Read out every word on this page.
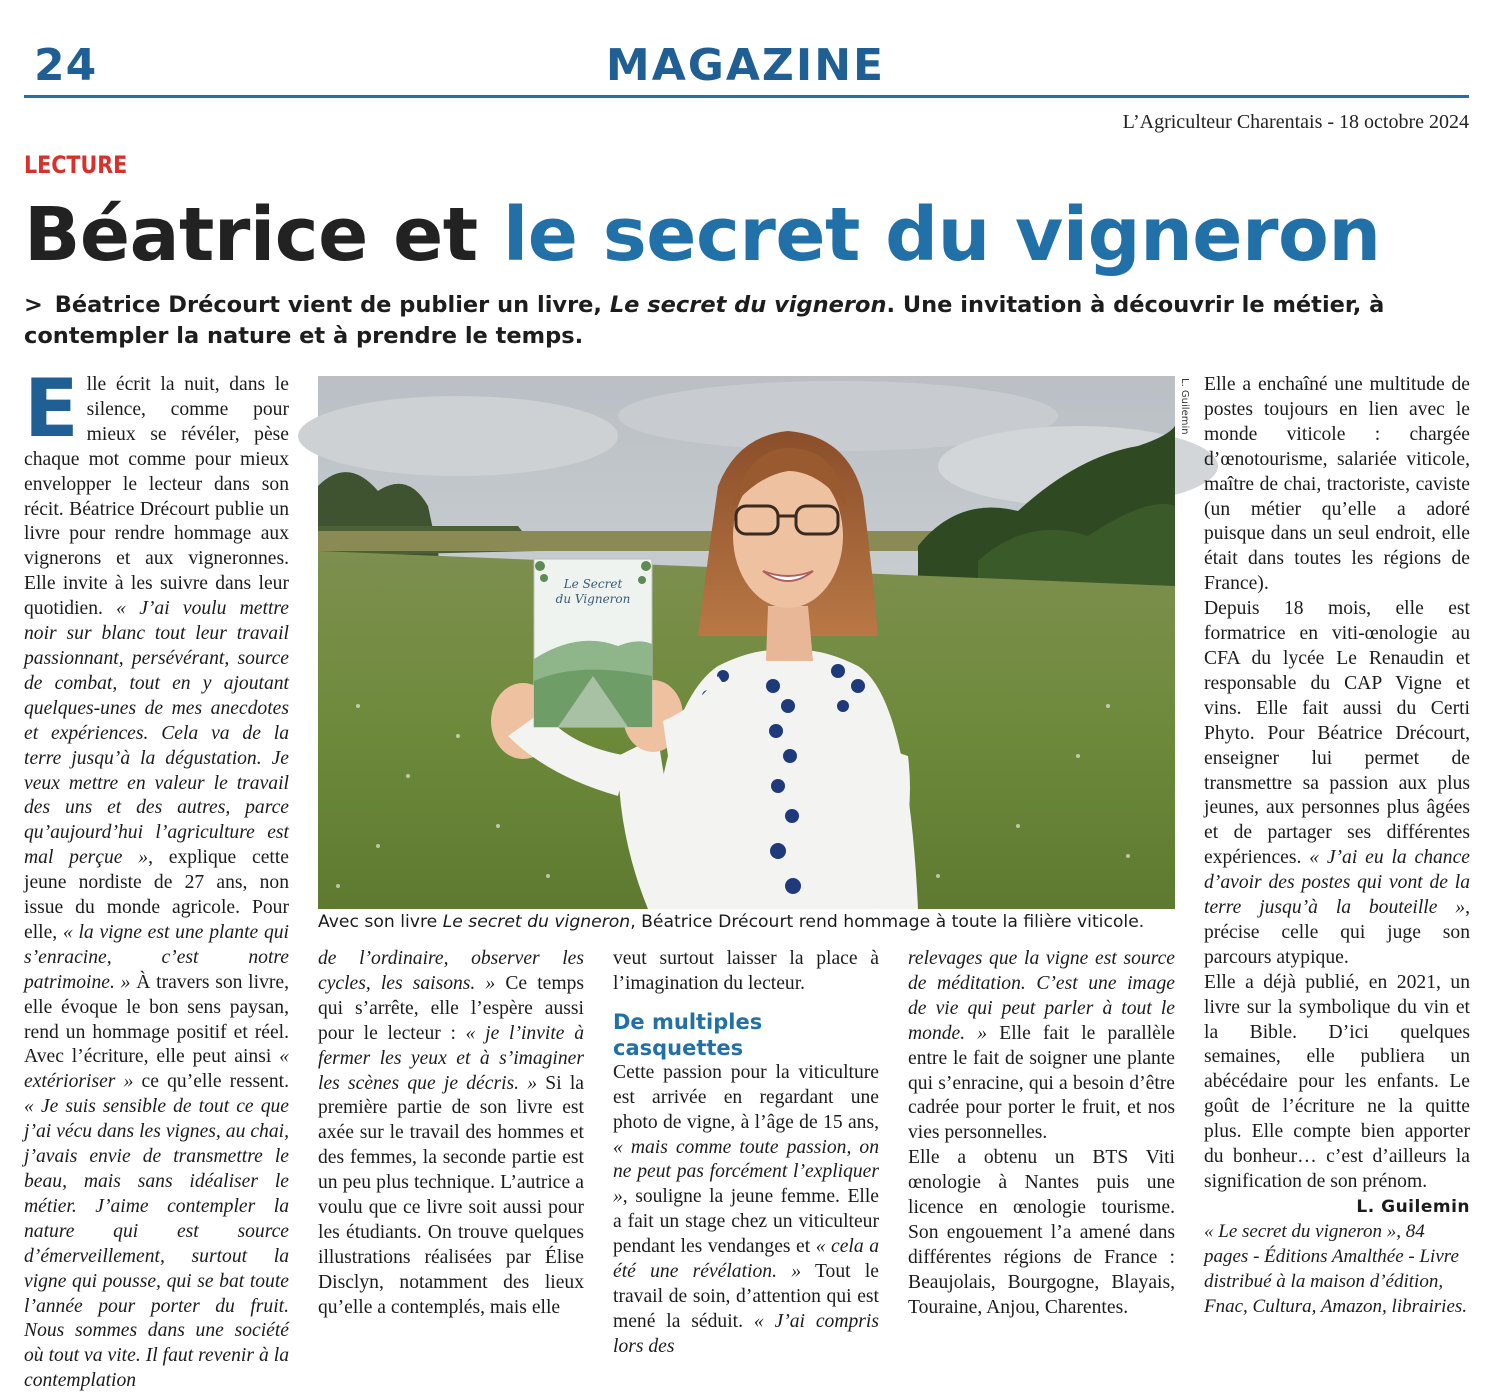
24	MAGAZINE
L’Agriculteur Charentais - 18 octobre 2024
LECTURE
Béatrice et le secret du vigneron
> Béatrice Drécourt vient de publier un livre, Le secret du vigneron. Une invitation à découvrir le métier, à contempler la nature et à prendre le temps.

Elle écrit la nuit, dans le silence, comme pour mieux se révéler, pèse chaque mot comme pour mieux envelopper le lecteur dans son récit. Béatrice Drécourt publie un livre pour rendre hommage aux vignerons et aux vigneronnes. Elle invite à les suivre dans leur quotidien. « J’ai voulu mettre noir sur blanc tout leur travail passionnant, persévérant, source de combat, tout en y ajoutant quelques-unes de mes anecdotes et expériences. Cela va de la terre jusqu’à la dégustation. Je veux mettre en valeur le travail des uns et des autres, parce qu’aujourd’hui l’agriculture est mal perçue », explique cette jeune nordiste de 27 ans, non issue du monde agricole. Pour elle, « la vigne est une plante qui s’enracine, c’est notre patrimoine. » À travers son livre, elle évoque le bon sens paysan, rend un hommage positif et réel. Avec l’écriture, elle peut ainsi « extérioriser » ce qu’elle ressent. « Je suis sensible de tout ce que j’ai vécu dans les vignes, au chai, j’avais envie de transmettre le beau, mais sans idéaliser le métier. J’aime contempler la nature qui est source d’émerveillement, surtout la vigne qui pousse, qui se bat toute l’année pour porter du fruit. Nous sommes dans une société où tout va vite. Il faut revenir à la contemplation

Le Secret
du Vigneron
L. Guilemin
Avec son livre Le secret du vigneron, Béatrice Drécourt rend hommage à toute la filière viticole.

de l’ordinaire, observer les cycles, les saisons. » Ce temps qui s’arrête, elle l’espère aussi pour le lecteur : « je l’invite à fermer les yeux et à s’imaginer les scènes que je décris. » Si la première partie de son livre est axée sur le travail des hommes et des femmes, la seconde partie est un peu plus technique. L’autrice a voulu que ce livre soit aussi pour les étudiants. On trouve quelques illustrations réalisées par Élise Disclyn, notamment des lieux qu’elle a contemplés, mais elle

veut surtout laisser la place à l’imagination du lecteur.

De multiples casquettes

Cette passion pour la viticulture est arrivée en regardant une photo de vigne, à l’âge de 15 ans, « mais comme toute passion, on ne peut pas forcément l’expliquer », souligne la jeune femme. Elle a fait un stage chez un viticulteur pendant les vendanges et « cela a été une révélation. » Tout le travail de soin, d’attention qui est mené la séduit. « J’ai compris lors des

relevages que la vigne est source de méditation. C’est une image de vie qui peut parler à tout le monde. » Elle fait le parallèle entre le fait de soigner une plante qui s’enracine, qui a besoin d’être cadrée pour porter le fruit, et nos vies personnelles.

Elle a obtenu un BTS Viti œnologie à Nantes puis une licence en œnologie tourisme. Son engouement l’a amené dans différentes régions de France : Beaujolais, Bourgogne, Blayais, Touraine, Anjou, Charentes.

Elle a enchaîné une multitude de postes toujours en lien avec le monde viticole : chargée d’œnotourisme, salariée viticole, maître de chai, tractoriste, caviste (un métier qu’elle a adoré puisque dans un seul endroit, elle était dans toutes les régions de France).

Depuis 18 mois, elle est formatrice en viti-œnologie au CFA du lycée Le Renaudin et responsable du CAP Vigne et vins. Elle fait aussi du Certi Phyto. Pour Béatrice Drécourt, enseigner lui permet de transmettre sa passion aux plus jeunes, aux personnes plus âgées et de partager ses différentes expériences. « J’ai eu la chance d’avoir des postes qui vont de la terre jusqu’à la bouteille », précise celle qui juge son parcours atypique.

Elle a déjà publié, en 2021, un livre sur la symbolique du vin et la Bible. D’ici quelques semaines, elle publiera un abécédaire pour les enfants. Le goût de l’écriture ne la quitte plus. Elle compte bien apporter du bonheur… c’est d’ailleurs la signification de son prénom.

L. Guilemin

« Le secret du vigneron », 84 pages - Éditions Amalthée - Livre distribué à la maison d’édition, Fnac, Cultura, Amazon, librairies.
